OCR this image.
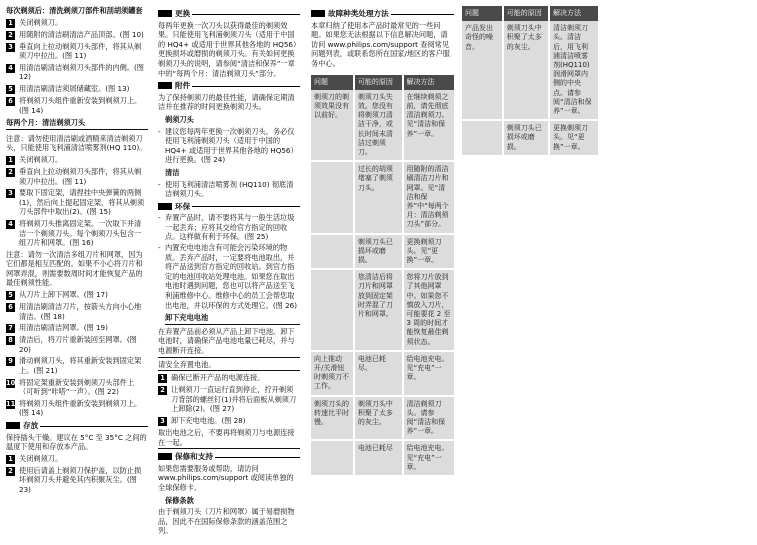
每次剃须后：清洗剃须刀部件和刮胡须罐套

1 关闭剃须刀。
2 用随附的清洁刷清洁产品顶部。(图 10)
3 垂直向上拉动剃须刀头部件，将其从剃须刀中拉出。(图 11)
4 用清洁刷清洁剃须刀头部件的内侧。(图 12)
5 用清洁刷清洁须屑储藏室。(图 13)
6 将剃须刀头组件重新安装到剃须刀上。(图 14)

每两个月：清洁剃须刀头

注意：请勿使用清洁刷或酒精来清洁剃须刀头，只能使用飞利浦清洁喷雾剂(HQ 110)。

1 关闭剃须刀。
2 垂直向上拉动剃须刀头部件，将其从剃须刀中拉出。(图 11)
3 要取下固定架，请捏挂中央弹簧的两侧(1)，然后向上提起固定架，将其从剃须刀头部件中取出(2)。(图 15)
4 将剃须刀头推离固定架。一次取下并清洁一个剃须刀头。每个剃须刀头包含一组刀片和网罩。(图 16)

注意：请勿一次清洁多组刀片和网罩，因为它们都是相互匹配的。如果不小心将刀片和网罩弄混，则需要数周时间才能恢复产品的最佳剃须性能。

5 从刀片上卸下网罩。(图 17)
6 用清洁刷清洁刀片，按箭头方向小心地清洁。(图 18)
7 用清洁刷清洁网罩。(图 19)
8 清洁后，将刀片重新装回至网罩。(图 20)
9 滑动剃须刀头，将其重新安装到固定架上。(图 21)
10 将固定架重新安装到剃须刀头部件上（可听到“咔嗒”一声）。(图 22)
11 将剃须刀头组件重新安装到剃须刀上。(图 14)
存放

保持插头干燥。建议在 5°C 至 35°C 之间的温度下使用和存放本产品。

1 关闭剃须刀。
2 使用后请盖上剃须刀保护盖，以防止损坏剃须刀头并避免其内积聚灰尘。(图 23)
更换

每两年更换一次刀头以获得最佳的剃须效果。只能使用飞利浦剃须刀头（适用于中国的 HQ4+ 或适用于世界其他各地的 HQ56）更换损坏或磨损的剃须刀头。有关如何更换剃须刀头的说明，请参阅“清洁和保养”一章中的“每两个月：清洁剃须刀头”部分。

附件

为了保持剃须刀的最佳性能，请确保定期清洁并在推荐的时间更换剃须刀头。

剃须刀头

- 建议您每两年更换一次剃须刀头。务必仅使用飞利浦剃须刀头（适用于中国的 HQ4+ 或适用于世界其他各地的 HQ56）进行更换。(图 24)

清洁

- 使用飞利浦清洁喷雾剂 (HQ110) 彻底清洁剃须刀头。
环保
- 弃置产品时，请不要将其与一般生活垃圾一起丢弃；应将其交给官方指定的回收点。这样做有利于环保。(图 25)
- 内置充电电池含有可能会污染环境的物质。丢弃产品时，一定要将电池取出，并将产品送到官方指定的回收站。到官方指定的电池回收站处理电池。如果您在取出电池时遇到问题，您也可以将产品送至飞利浦维修中心。维修中心的员工会帮您取出电池，并以环保的方式处理它。(图 26)

卸下充电电池

在弃置产品前必须从产品上卸下电池。卸下电池时，请确保产品电池电量已耗尽，并与电源断开连接。

请安全弃置电池。

1 确保已断开产品的电源连接。
2 让剃须刀一直运行直到停止，拧开剃须刀背部的螺丝钉(1)并将后面板从剃须刀上卸除(2)。(图 27)
3 卸下充电电池。(图 28)

取出电池之后，不要再将剃须刀与电源连接在一起。

保修和支持

如果您需要服务或帮助，请访问 www.philips.com/support 或阅读单独的全球保修卡。

保修条款

由于剃须刀头（刀片和网罩）属于易磨损物品，因此不在国际保修条款的涵盖范围之列。

故障种类处理方法

本章归纳了使用本产品时最常见的一些问题。如果您无法根据以下信息解决问题，请访问 www.philips.com/support 查阅常见问题列表，或联系您所在国家/地区的客户服务中心。

问题	可能的原因	解决方法
剃须刀的剃须效果没有以前好。	剃须刀头失效。您没有将剃须刀清洁干净，或长时间未清洁过剃须刀。	在继续剃须之前，请先彻底清洁剃须刀。见“清洁和保养”一章。
	过长的胡须堵塞了剃须刀头。	用随附的清洁刷清洁刀片和网罩。见“清洁和保养”中“每两个月：清洁剃须刀头”部分。
	剃须刀头已损坏或磨损。	更换剃须刀头。见“更换”一章。
	您清洁后将刀片和网罩放到固定架时弄混了刀片和网罩。	您将刀片放到了其他网罩中。如果您不慎放入刀片，可能要花 2 至 3 周的时间才能恢复最佳剃须状态。
向上推动开/关滑钮时剃须刀不工作。	电池已耗尽。	给电池充电。见“充电”一章。
剃须刀头的转速比平时慢。	剃须刀头中积聚了太多的灰尘。	清洁剃须刀头。请参阅“清洁和保养”一章。
	电池已耗尽	给电池充电。见“充电”一章。
问题	可能的原因	解决方法
产品发出奇怪的噪音。	剃须刀头中积聚了太多的灰尘。	清洁剃须刀头。清洁后，用飞利浦清洁喷雾剂(HQ110)润滑网罩内侧的中央点。请参阅“清洁和保养”一章。
	剃须刀头已损坏或磨损。	更换剃须刀头。见“更换”一章。
